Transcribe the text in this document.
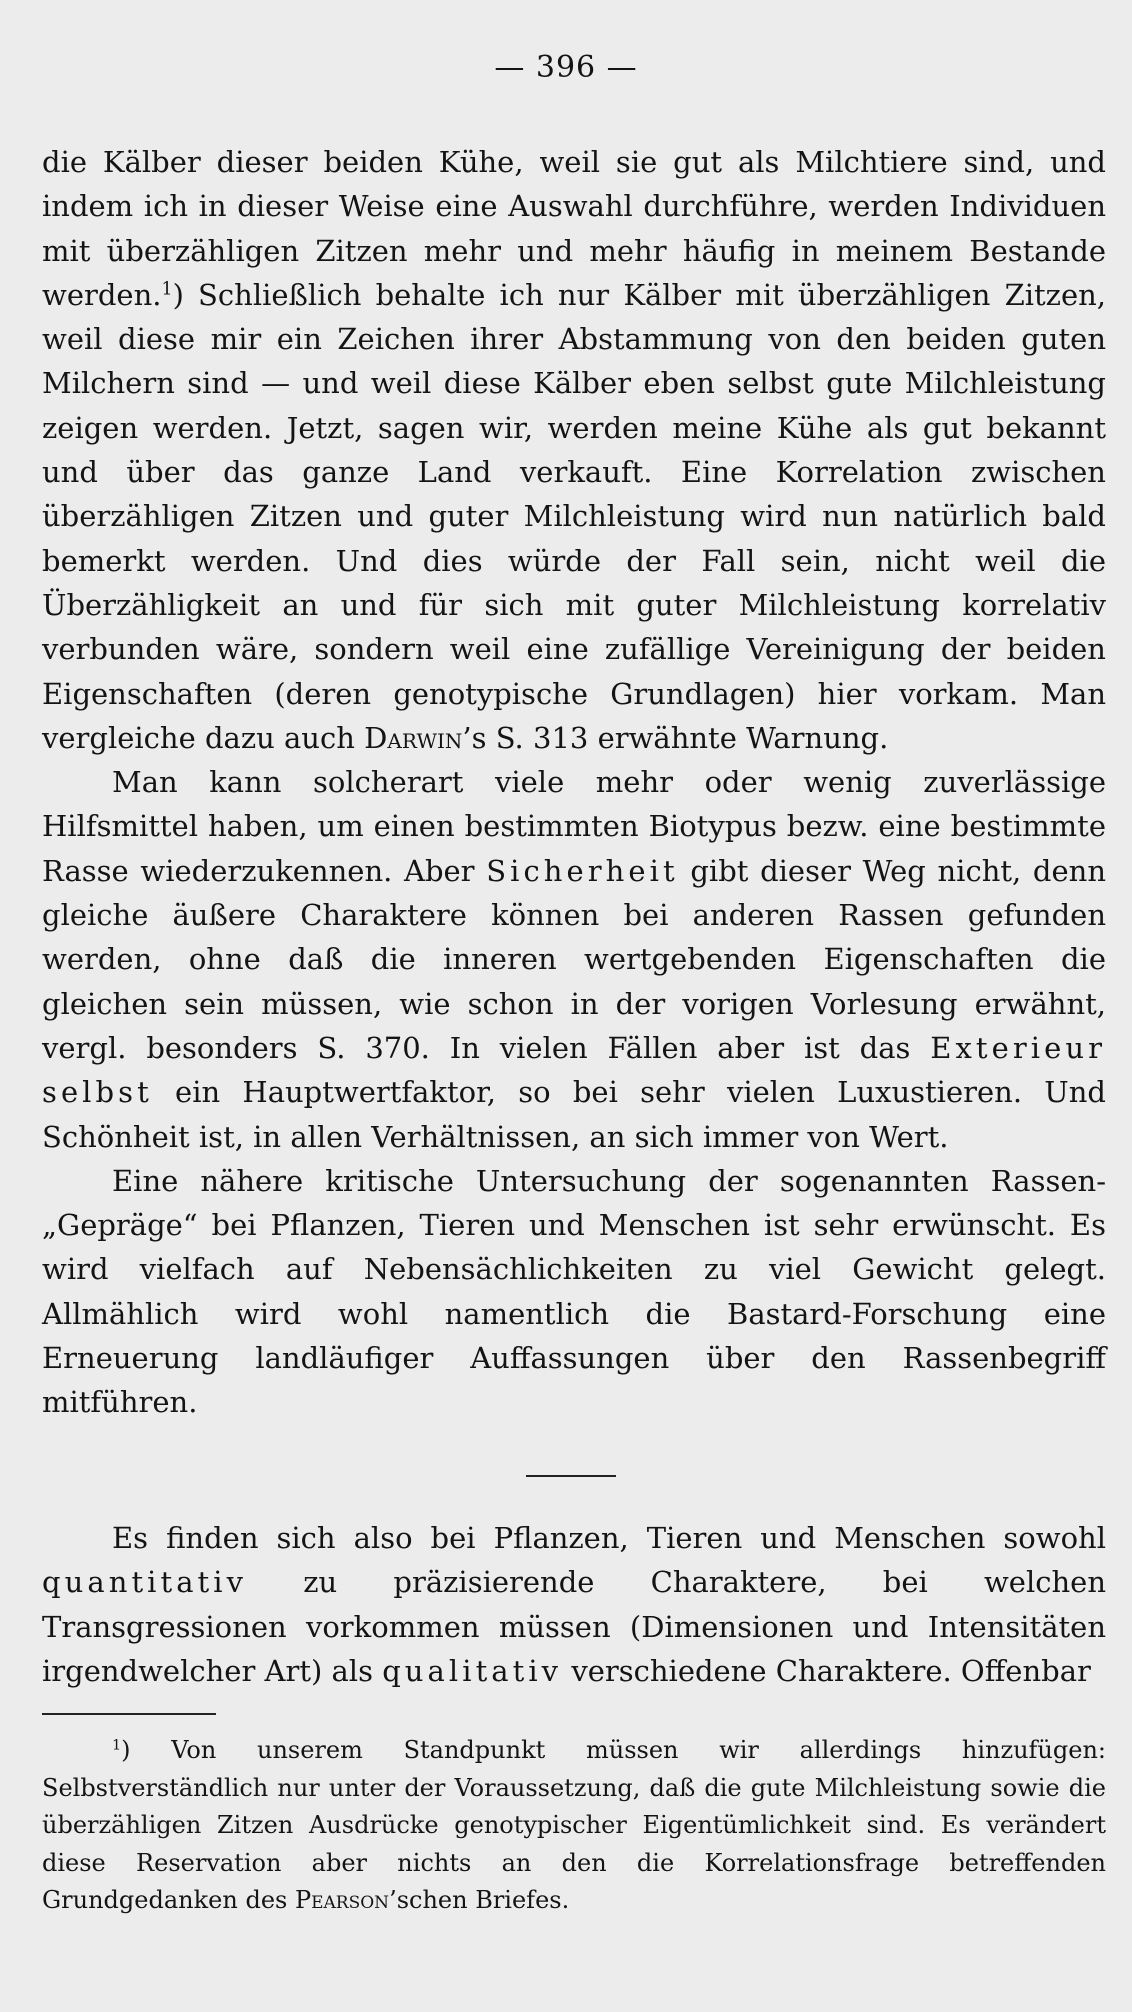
— 396 —

die Kälber dieser beiden Kühe, weil sie gut als Milchtiere sind, und indem ich in dieser Weise eine Auswahl durchführe, werden Individuen mit überzähligen Zitzen mehr und mehr häufig in meinem Bestande werden.$^1$) Schließlich behalte ich nur Kälber mit überzähligen Zitzen, weil diese mir ein Zeichen ihrer Abstammung von den beiden guten Milchern sind — und weil diese Kälber eben selbst gute Milchleistung zeigen werden. Jetzt, sagen wir, werden meine Kühe als gut bekannt und über das ganze Land verkauft. Eine Korrelation zwischen überzähligen Zitzen und guter Milchleistung wird nun natürlich bald bemerkt werden. Und dies würde der Fall sein, nicht weil die Überzähligkeit an und für sich mit guter Milchleistung korrelativ verbunden wäre, sondern weil eine zufällige Vereinigung der beiden Eigenschaften (deren genotypische Grundlagen) hier vorkam. Man vergleiche dazu auch Darwin’s S. 313 erwähnte Warnung.

Man kann solcherart viele mehr oder wenig zuverlässige Hilfsmittel haben, um einen bestimmten Biotypus bezw. eine bestimmte Rasse wiederzukennen. Aber Sicherheit gibt dieser Weg nicht, denn gleiche äußere Charaktere können bei anderen Rassen gefunden werden, ohne daß die inneren wertgebenden Eigenschaften die gleichen sein müssen, wie schon in der vorigen Vorlesung erwähnt, vergl. besonders S. 370. In vielen Fällen aber ist das Exterieur selbst ein Hauptwertfaktor, so bei sehr vielen Luxustieren. Und Schönheit ist, in allen Verhältnissen, an sich immer von Wert.

Eine nähere kritische Untersuchung der sogenannten Rassen-„Gepräge“ bei Pflanzen, Tieren und Menschen ist sehr erwünscht. Es wird vielfach auf Nebensächlichkeiten zu viel Gewicht gelegt. Allmählich wird wohl namentlich die Bastard-Forschung eine Erneuerung landläufiger Auffassungen über den Rassenbegriff mitführen.

Es finden sich also bei Pflanzen, Tieren und Menschen sowohl quantitativ zu präzisierende Charaktere, bei welchen Transgressionen vorkommen müssen (Dimensionen und Intensitäten irgendwelcher Art) als qualitativ verschiedene Charaktere. Offenbar

$^1$) Von unserem Standpunkt müssen wir allerdings hinzufügen: Selbstverständlich nur unter der Voraussetzung, daß die gute Milchleistung sowie die überzähligen Zitzen Ausdrücke genotypischer Eigentümlichkeit sind. Es verändert diese Reservation aber nichts an den die Korrelationsfrage betreffenden Grundgedanken des Pearson’schen Briefes.
